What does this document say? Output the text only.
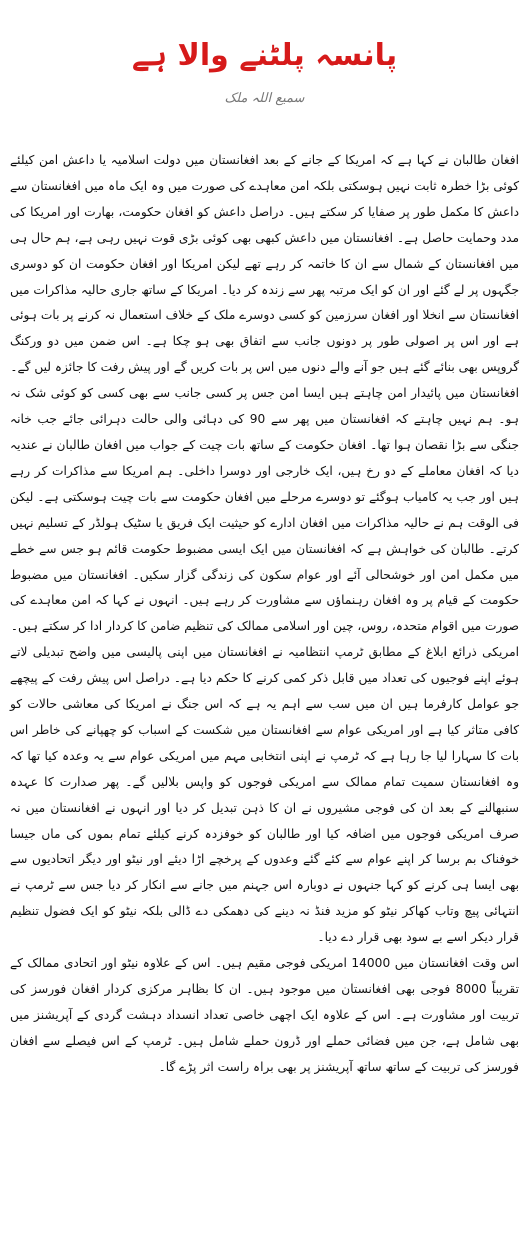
پانسہ پلٹنے والا ہے
سمیع اللہ ملک

افغان طالبان نے کہا ہے کہ امریکا کے جانے کے بعد افغانستان میں دولت اسلامیہ یا داعش امن کیلئے کوئی بڑا خطرہ ثابت نہیں ہوسکتی بلکہ امن معاہدے کی صورت میں وہ ایک ماہ میں افغانستان سے داعش کا مکمل طور پر صفایا کر سکتے ہیں۔ دراصل داعش کو افغان حکومت، بھارت اور امریکا کی مدد وحمایت حاصل ہے۔ افغانستان میں داعش کبھی بھی کوئی بڑی قوت نہیں رہی ہے، ہم حال ہی میں افغانستان کے شمال سے ان کا خاتمہ کر رہے تھے لیکن امریکا اور افغان حکومت ان کو دوسری جگہوں پر لے گئے اور ان کو ایک مرتبہ پھر سے زندہ کر دیا۔ امریکا کے ساتھ جاری حالیہ مذاکرات میں افغانستان سے انخلا اور افغان سرزمین کو کسی دوسرے ملک کے خلاف استعمال نہ کرنے پر بات ہوئی ہے اور اس پر اصولی طور پر دونوں جانب سے اتفاق بھی ہو چکا ہے۔ اس ضمن میں دو ورکنگ گروپس بھی بنائے گئے ہیں جو آنے والے دنوں میں اس پر بات کریں گے اور پیش رفت کا جائزہ لیں گے۔

افغانستان میں پائیدار امن چاہتے ہیں ایسا امن جس پر کسی جانب سے بھی کسی کو کوئی شک نہ ہو۔ ہم نہیں چاہتے کہ افغانستان میں پھر سے 90 کی دہائی والی حالت دہرائی جائے جب خانہ جنگی سے بڑا نقصان ہوا تھا۔ افغان حکومت کے ساتھ بات چیت کے جواب میں افغان طالبان نے عندیہ دیا کہ افغان معاملے کے دو رخ ہیں، ایک خارجی اور دوسرا داخلی۔ ہم امریکا سے مذاکرات کر رہے ہیں اور جب یہ کامیاب ہوگئے تو دوسرے مرحلے میں افغان حکومت سے بات چیت ہوسکتی ہے۔ لیکن فی الوقت ہم نے حالیہ مذاکرات میں افغان ادارے کو حیثیت ایک فریق یا سٹیک ہولڈر کے تسلیم نہیں کرتے۔ طالبان کی خواہش ہے کہ افغانستان میں ایک ایسی مضبوط حکومت قائم ہو جس سے خطے میں مکمل امن اور خوشحالی آئے اور عوام سکون کی زندگی گزار سکیں۔ افغانستان میں مضبوط حکومت کے قیام پر وہ افغان رہنماؤں سے مشاورت کر رہے ہیں۔ انہوں نے کہا کہ امن معاہدے کی صورت میں اقوام متحدہ، روس، چین اور اسلامی ممالک کی تنظیم ضامن کا کردار ادا کر سکتے ہیں۔

امریکی ذرائع ابلاغ کے مطابق ٹرمپ انتظامیہ نے افغانستان میں اپنی پالیسی میں واضح تبدیلی لاتے ہوئے اپنے فوجیوں کی تعداد میں قابل ذکر کمی کرنے کا حکم دیا ہے۔ دراصل اس پیش رفت کے پیچھے جو عوامل کارفرما ہیں ان میں سب سے اہم یہ ہے کہ اس جنگ نے امریکا کی معاشی حالات کو کافی متاثر کیا ہے اور امریکی عوام سے افغانستان میں شکست کے اسباب کو چھپانے کی خاطر اس بات کا سہارا لیا جا رہا ہے کہ ٹرمپ نے اپنی انتخابی مہم میں امریکی عوام سے یہ وعدہ کیا تھا کہ وہ افغانستان سمیت تمام ممالک سے امریکی فوجوں کو واپس بلالیں گے۔ پھر صدارت کا عہدہ سنبھالنے کے بعد ان کی فوجی مشیروں نے ان کا ذہن تبدیل کر دیا اور انہوں نے افغانستان میں نہ صرف امریکی فوجوں میں اضافہ کیا اور طالبان کو خوفزدہ کرنے کیلئے تمام بموں کی ماں جیسا خوفناک بم برسا کر اپنے عوام سے کئے گئے وعدوں کے پرخچے اڑا دیئے اور نیٹو اور دیگر اتحادیوں سے بھی ایسا ہی کرنے کو کہا جنہوں نے دوبارہ اس جہنم میں جانے سے انکار کر دیا جس سے ٹرمپ نے انتہائی پیچ وتاب کھاکر نیٹو کو مزید فنڈ نہ دینے کی دھمکی دے ڈالی بلکہ نیٹو کو ایک فضول تنظیم قرار دیکر اسے بے سود بھی قرار دے دیا۔

اس وقت افغانستان میں 14000 امریکی فوجی مقیم ہیں۔ اس کے علاوہ نیٹو اور اتحادی ممالک کے تقریباً 8000 فوجی بھی افغانستان میں موجود ہیں۔ ان کا بظاہر مرکزی کردار افغان فورسز کی تربیت اور مشاورت ہے۔ اس کے علاوہ ایک اچھی خاصی تعداد انسداد دہشت گردی کے آپریشنز میں بھی شامل ہے، جن میں فضائی حملے اور ڈرون حملے شامل ہیں۔ ٹرمپ کے اس فیصلے سے افغان فورسز کی تربیت کے ساتھ ساتھ آپریشنز پر بھی براہ راست اثر پڑے گا۔
